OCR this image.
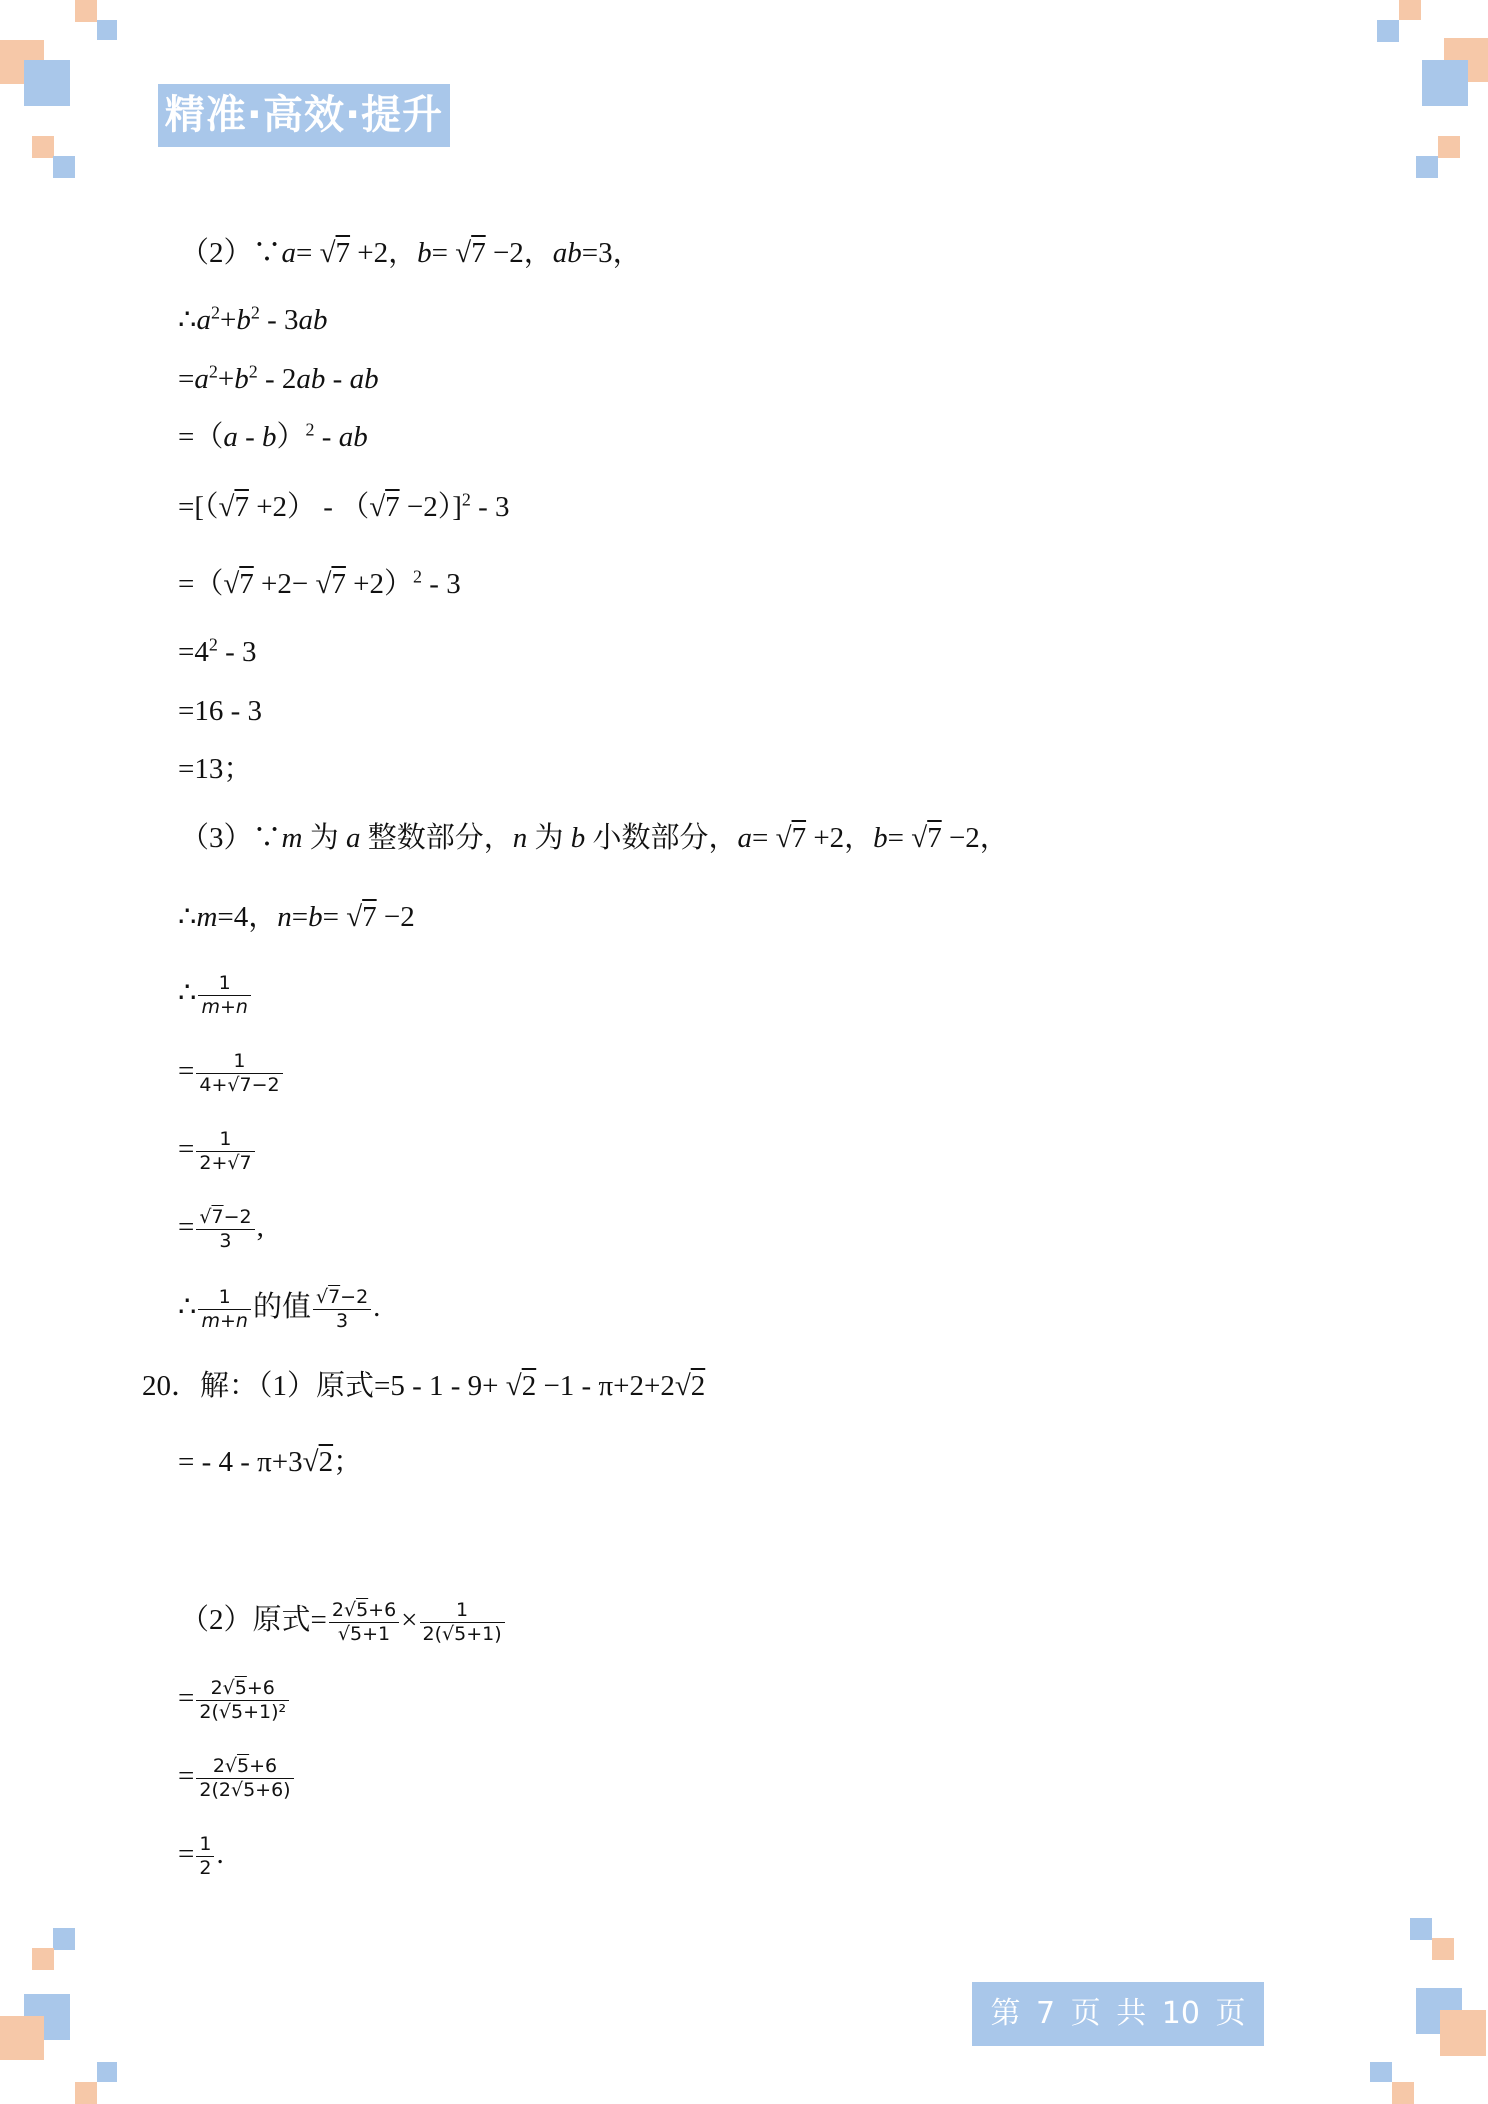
精准·高效·提升
（2）∵a= √7 +2，b= √7 −2，ab=3，
$\therefore a^2+b^2 - 3ab$
$=a^2+b^2 - 2ab$ - ab
=（a - b）$^2$ - ab
$=[(√7 +2) - (√7 -2)]^2 - 3$
$=(√7 +2- √7 +2)^2 - 3$
$=4^2 - 3$
=16 - 3
=13；
（3）∵m 为 a 整数部分，n 为 b 小数部分，a= √7 +2，b= √7 −2，
∴m=4，n=b= √7 −2
∴ $\frac{1}{m+n}$
= $\frac{1}{4+√7-2}$
= $\frac{1}{2+√7}$
= $\frac{√7-2}{3}$ ,
∴ $\frac{1}{m+n}$ 的值 $\frac{√7-2}{3}$ .
20．解：（1）原式=5 - 1 - 9+ √2 −1 - π+2+2√2
= - 4 - π+3√2；
（2）原式= $\frac{2√5+6}{√5+1} \times \frac{1}{2(√5+1)}$
= $\frac{2√5+6}{\text{2(√5+1)²}}$
= $\frac{2√5+6}{2(2√5+6)}$
= $\frac{1}{2}$ .
第 7 页 共 10 页
